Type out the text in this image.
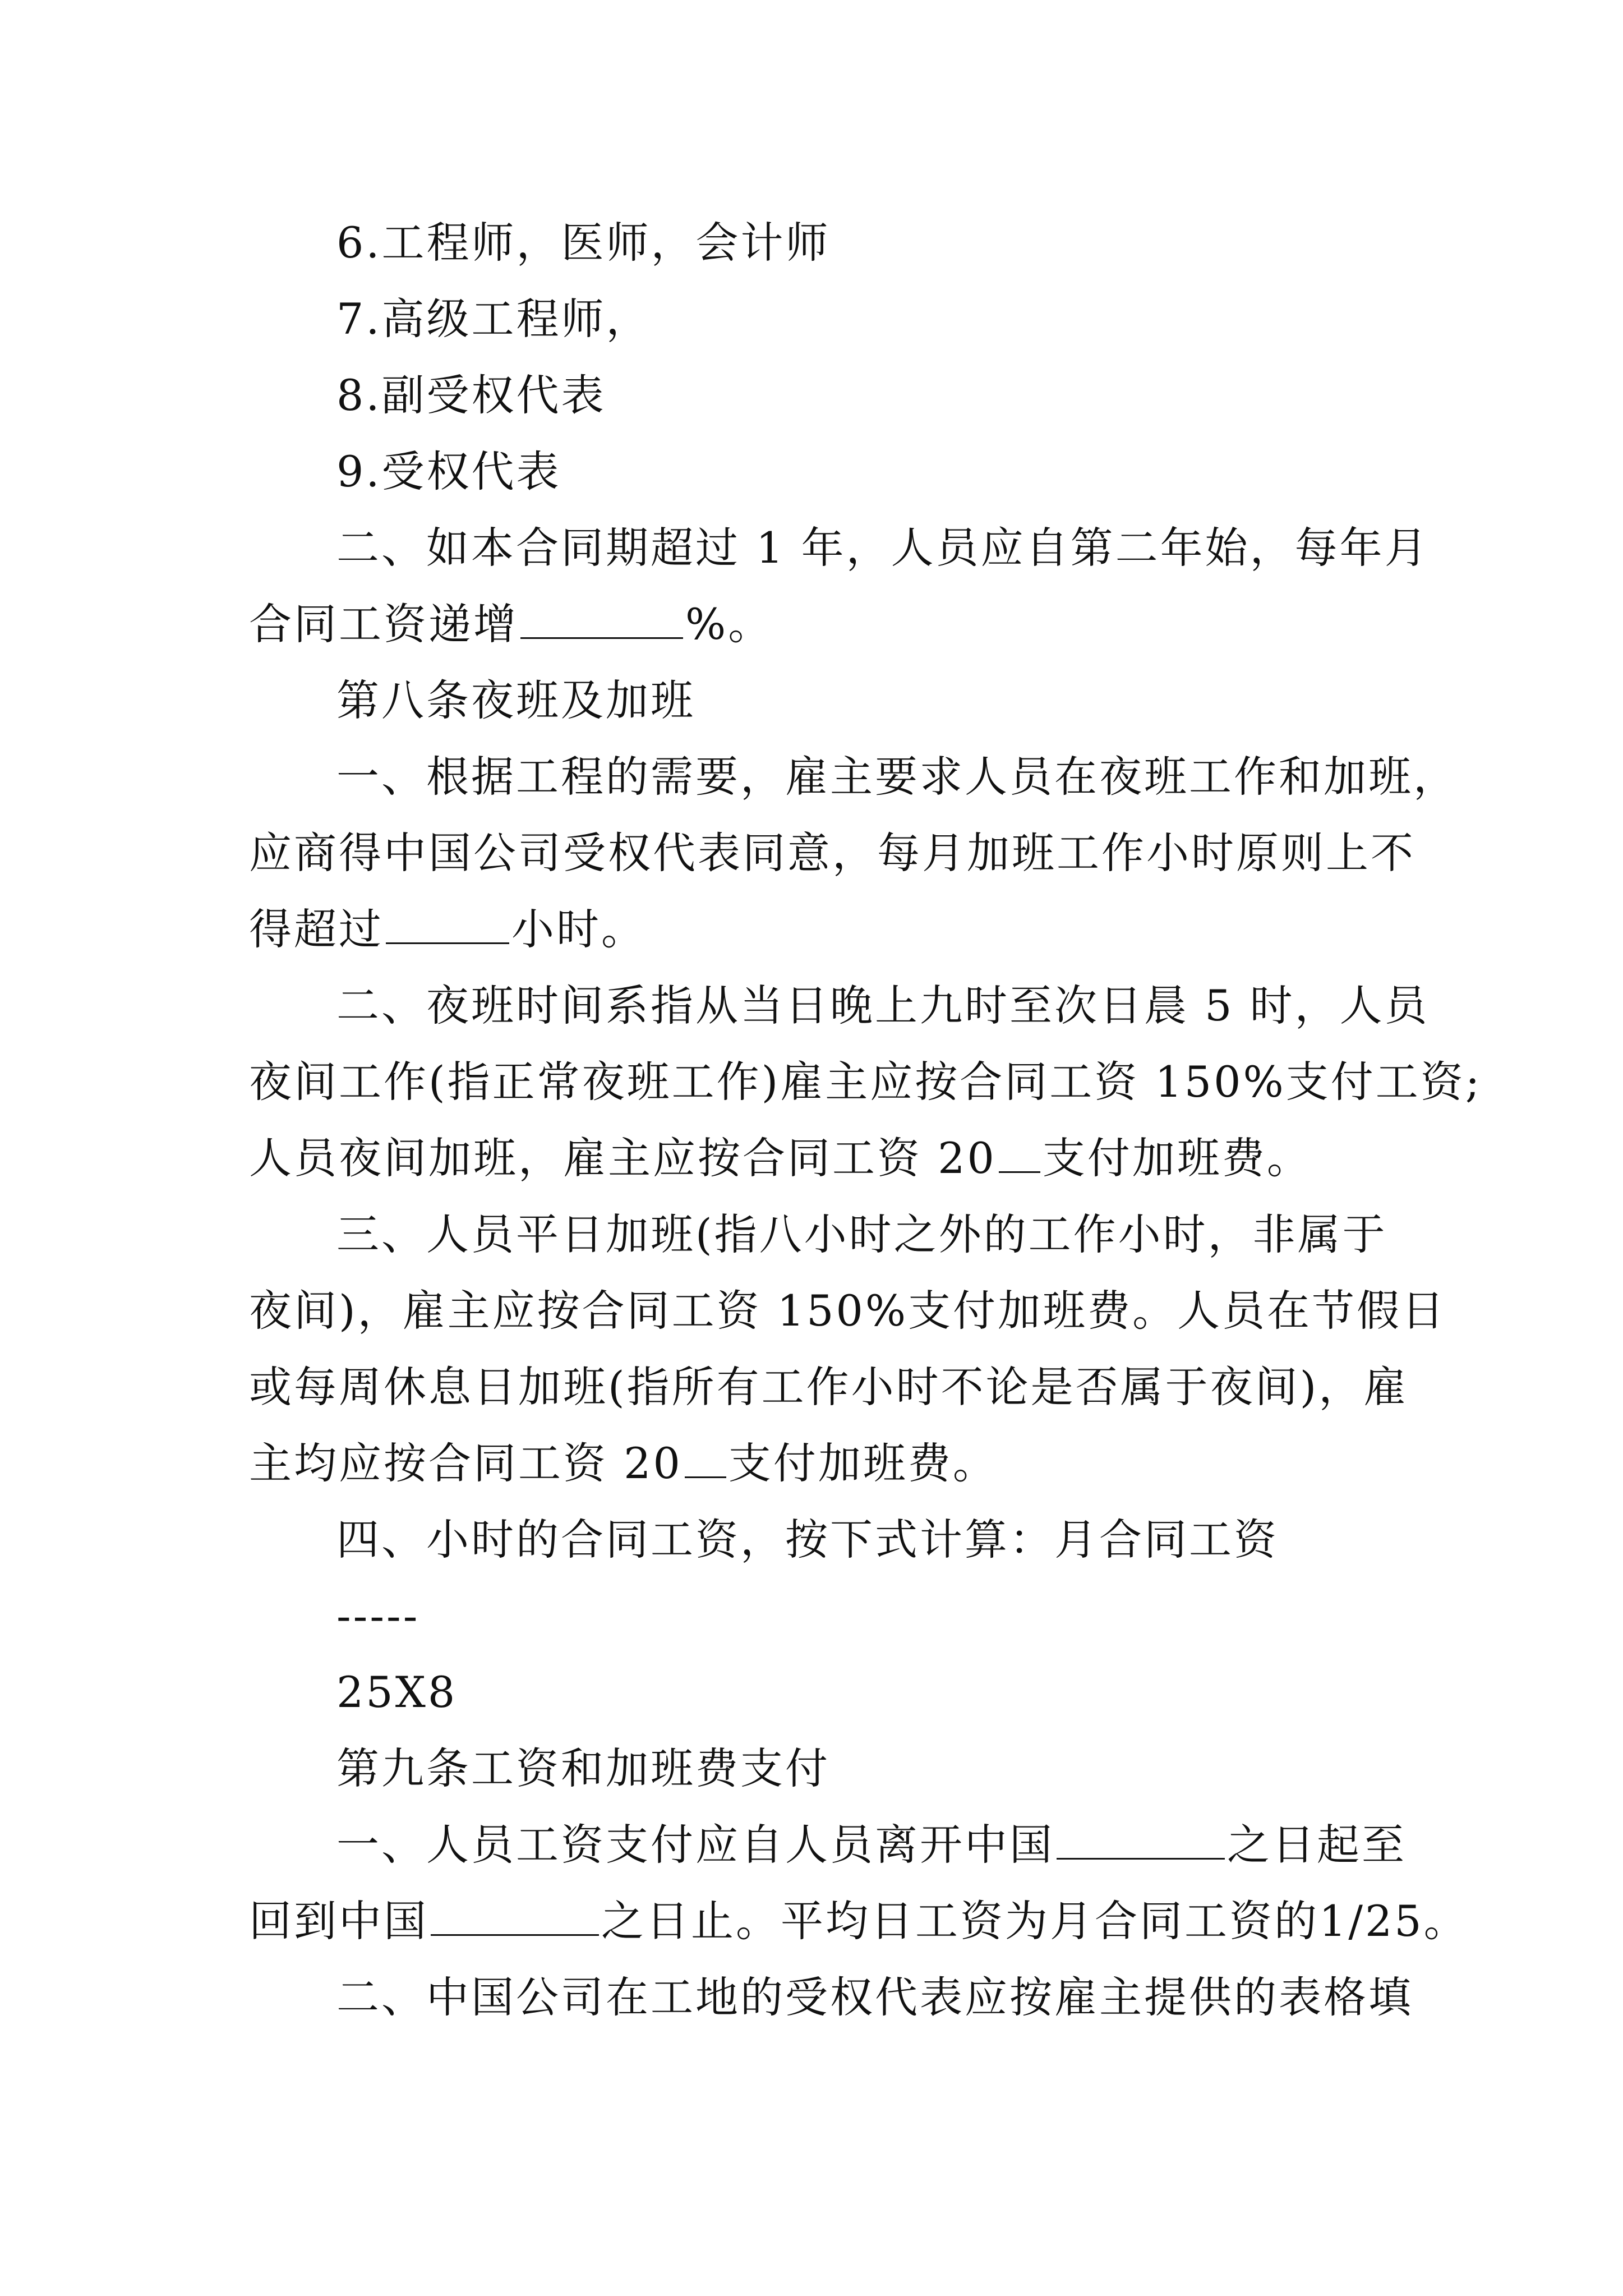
6.工程师，医师，会计师
7.高级工程师，
8.副受权代表
9.受权代表
二、如本合同期超过 1 年，人员应自第二年始，每年月
合同工资递增	%。
第八条夜班及加班
一、根据工程的需要，雇主要求人员在夜班工作和加班，
应商得中国公司受权代表同意，每月加班工作小时原则上不
得超过	小时。
二、夜班时间系指从当日晚上九时至次日晨 5 时，人员
夜间工作(指正常夜班工作)雇主应按合同工资 150%支付工资;
人员夜间加班，雇主应按合同工资 20 支付加班费。
三、人员平日加班(指八小时之外的工作小时，非属于
夜间)，雇主应按合同工资 150%支付加班费。人员在节假日
或每周休息日加班(指所有工作小时不论是否属于夜间)，雇
主均应按合同工资 20 支付加班费。
四、小时的合同工资，按下式计算：月合同工资
-----
25X8
第九条工资和加班费支付
一、人员工资支付应自人员离开中国	之日起至
回到中国	之日止。平均日工资为月合同工资的1/25。
二、中国公司在工地的受权代表应按雇主提供的表格填
